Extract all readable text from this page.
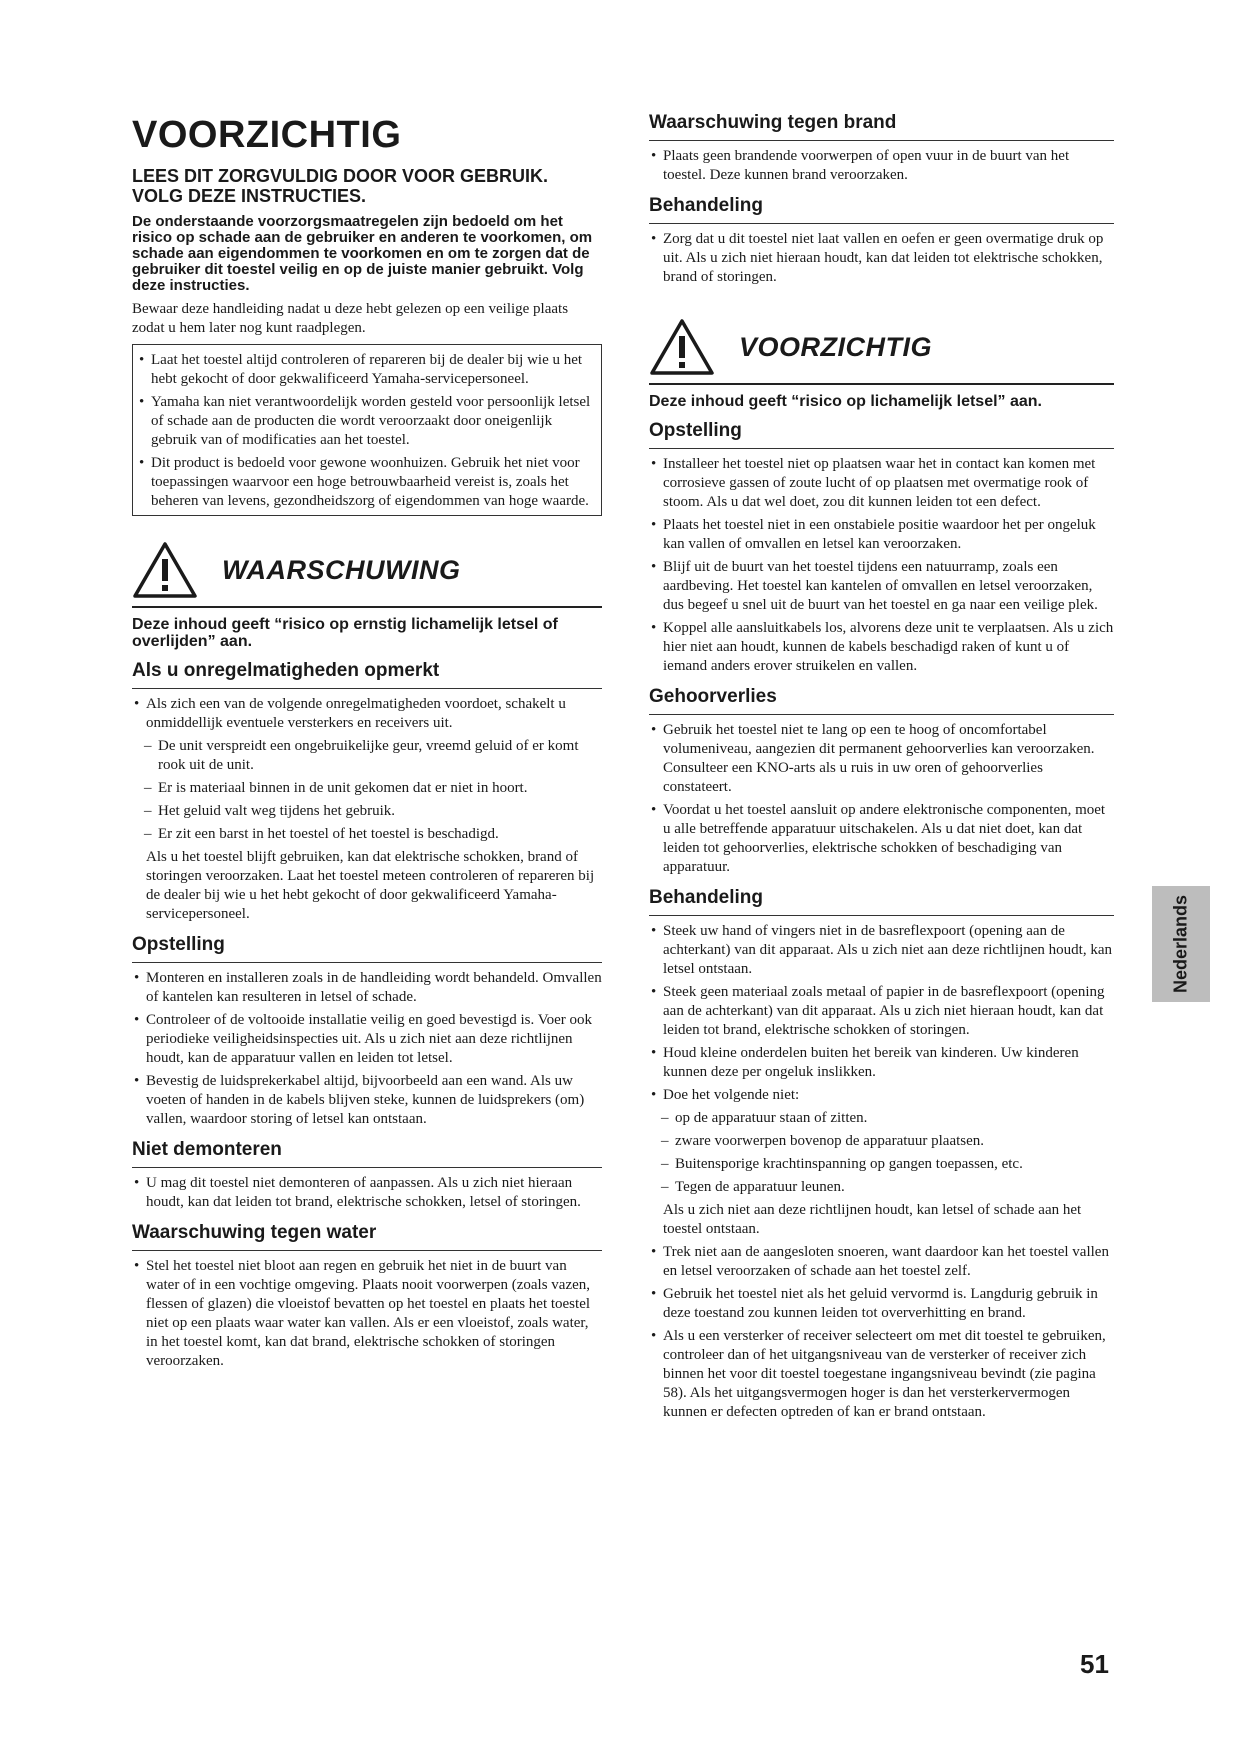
VOORZICHTIG
LEES DIT ZORGVULDIG DOOR VOOR GEBRUIK. VOLG DEZE INSTRUCTIES.
De onderstaande voorzorgsmaatregelen zijn bedoeld om het risico op schade aan de gebruiker en anderen te voorkomen, om schade aan eigendommen te voorkomen en om te zorgen dat de gebruiker dit toestel veilig en op de juiste manier gebruikt. Volg deze instructies.
Bewaar deze handleiding nadat u deze hebt gelezen op een veilige plaats zodat u hem later nog kunt raadplegen.
• Laat het toestel altijd controleren of repareren bij de dealer bij wie u het hebt gekocht of door gekwalificeerd Yamaha-servicepersoneel.
• Yamaha kan niet verantwoordelijk worden gesteld voor persoonlijk letsel of schade aan de producten die wordt veroorzaakt door oneigenlijk gebruik van of modificaties aan het toestel.
• Dit product is bedoeld voor gewone woonhuizen. Gebruik het niet voor toepassingen waarvoor een hoge betrouwbaarheid vereist is, zoals het beheren van levens, gezondheidszorg of eigendommen van hoge waarde.
WAARSCHUWING
Deze inhoud geeft “risico op ernstig lichamelijk letsel of overlijden” aan.
Als u onregelmatigheden opmerkt
• Als zich een van de volgende onregelmatigheden voordoet, schakelt u onmiddellijk eventuele versterkers en receivers uit.
– De unit verspreidt een ongebruikelijke geur, vreemd geluid of er komt rook uit de unit.
– Er is materiaal binnen in de unit gekomen dat er niet in hoort.
– Het geluid valt weg tijdens het gebruik.
– Er zit een barst in het toestel of het toestel is beschadigd.
Als u het toestel blijft gebruiken, kan dat elektrische schokken, brand of storingen veroorzaken. Laat het toestel meteen controleren of repareren bij de dealer bij wie u het hebt gekocht of door gekwalificeerd Yamaha-servicepersoneel.
Opstelling
• Monteren en installeren zoals in de handleiding wordt behandeld. Omvallen of kantelen kan resulteren in letsel of schade.
• Controleer of de voltooide installatie veilig en goed bevestigd is. Voer ook periodieke veiligheidsinspecties uit. Als u zich niet aan deze richtlijnen houdt, kan de apparatuur vallen en leiden tot letsel.
• Bevestig de luidsprekerkabel altijd, bijvoorbeeld aan een wand. Als uw voeten of handen in de kabels blijven steke, kunnen de luidsprekers (om) vallen, waardoor storing of letsel kan ontstaan.
Niet demonteren
• U mag dit toestel niet demonteren of aanpassen. Als u zich niet hieraan houdt, kan dat leiden tot brand, elektrische schokken, letsel of storingen.
Waarschuwing tegen water
• Stel het toestel niet bloot aan regen en gebruik het niet in de buurt van water of in een vochtige omgeving. Plaats nooit voorwerpen (zoals vazen, flessen of glazen) die vloeistof bevatten op het toestel en plaats het toestel niet op een plaats waar water kan vallen. Als er een vloeistof, zoals water, in het toestel komt, kan dat brand, elektrische schokken of storingen veroorzaken.
Waarschuwing tegen brand
• Plaats geen brandende voorwerpen of open vuur in de buurt van het toestel. Deze kunnen brand veroorzaken.
Behandeling
• Zorg dat u dit toestel niet laat vallen en oefen er geen overmatige druk op uit. Als u zich niet hieraan houdt, kan dat leiden tot elektrische schokken, brand of storingen.
VOORZICHTIG
Deze inhoud geeft “risico op lichamelijk letsel” aan.
Opstelling
• Installeer het toestel niet op plaatsen waar het in contact kan komen met corrosieve gassen of zoute lucht of op plaatsen met overmatige rook of stoom. Als u dat wel doet, zou dit kunnen leiden tot een defect.
• Plaats het toestel niet in een onstabiele positie waardoor het per ongeluk kan vallen of omvallen en letsel kan veroorzaken.
• Blijf uit de buurt van het toestel tijdens een natuurramp, zoals een aardbeving. Het toestel kan kantelen of omvallen en letsel veroorzaken, dus begeef u snel uit de buurt van het toestel en ga naar een veilige plek.
• Koppel alle aansluitkabels los, alvorens deze unit te verplaatsen. Als u zich hier niet aan houdt, kunnen de kabels beschadigd raken of kunt u of iemand anders erover struikelen en vallen.
Gehoorverlies
• Gebruik het toestel niet te lang op een te hoog of oncomfortabel volumeniveau, aangezien dit permanent gehoorverlies kan veroorzaken. Consulteer een KNO-arts als u ruis in uw oren of gehoorverlies constateert.
• Voordat u het toestel aansluit op andere elektronische componenten, moet u alle betreffende apparatuur uitschakelen. Als u dat niet doet, kan dat leiden tot gehoorverlies, elektrische schokken of beschadiging van apparatuur.
Behandeling
• Steek uw hand of vingers niet in de basreflexpoort (opening aan de achterkant) van dit apparaat. Als u zich niet aan deze richtlijnen houdt, kan letsel ontstaan.
• Steek geen materiaal zoals metaal of papier in de basreflexpoort (opening aan de achterkant) van dit apparaat. Als u zich niet hieraan houdt, kan dat leiden tot brand, elektrische schokken of storingen.
• Houd kleine onderdelen buiten het bereik van kinderen. Uw kinderen kunnen deze per ongeluk inslikken.
• Doe het volgende niet:
– op de apparatuur staan of zitten.
– zware voorwerpen bovenop de apparatuur plaatsen.
– Buitensporige krachtinspanning op gangen toepassen, etc.
– Tegen de apparatuur leunen.
Als u zich niet aan deze richtlijnen houdt, kan letsel of schade aan het toestel ontstaan.
• Trek niet aan de aangesloten snoeren, want daardoor kan het toestel vallen en letsel veroorzaken of schade aan het toestel zelf.
• Gebruik het toestel niet als het geluid vervormd is. Langdurig gebruik in deze toestand zou kunnen leiden tot oververhitting en brand.
• Als u een versterker of receiver selecteert om met dit toestel te gebruiken, controleer dan of het uitgangsniveau van de versterker of receiver zich binnen het voor dit toestel toegestane ingangsniveau bevindt (zie pagina 58). Als het uitgangsvermogen hoger is dan het versterkervermogen kunnen er defecten optreden of kan er brand ontstaan.
Nederlands
51
